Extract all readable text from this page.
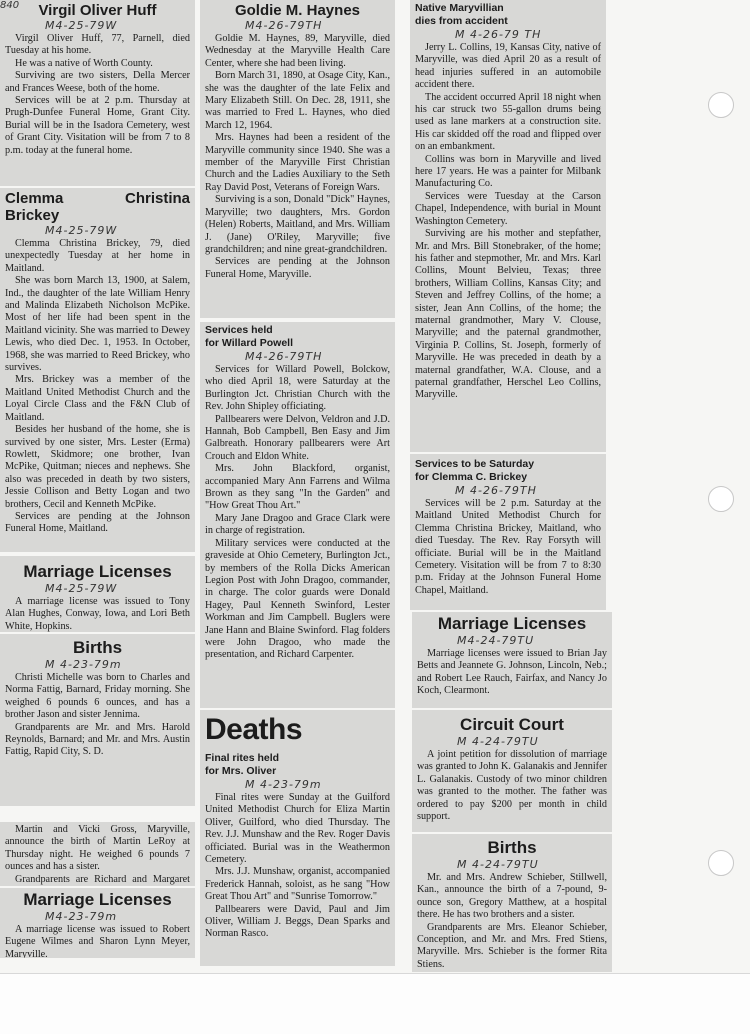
Virgil Oliver Huff
M4-25-79W

Virgil Oliver Huff, 77, Parnell, died Tuesday at his home.

He was a native of Worth County.

Surviving are two sisters, Della Mercer and Frances Weese, both of the home.

Services will be at 2 p.m. Thursday at Prugh-Dunfee Funeral Home, Grant City. Burial will be in the Isadora Cemetery, west of Grant City. Visitation will be from 7 to 8 p.m. today at the funeral home.

840
Clemma Christina Brickey
M4-25-79W

Clemma Christina Brickey, 79, died unexpectedly Tuesday at her home in Maitland.

She was born March 13, 1900, at Salem, Ind., the daughter of the late William Henry and Malinda Elizabeth Nicholson McPike. Most of her life had been spent in the Maitland vicinity. She was married to Dewey Lewis, who died Dec. 1, 1953. In October, 1968, she was married to Reed Brickey, who survives.

Mrs. Brickey was a member of the Maitland United Methodist Church and the Loyal Circle Class and the F&N Club of Maitland.

Besides her husband of the home, she is survived by one sister, Mrs. Lester (Erma) Rowlett, Skidmore; one brother, Ivan McPike, Quitman; nieces and nephews. She also was preceded in death by two sisters, Jessie Collison and Betty Logan and two brothers, Cecil and Kenneth McPike.

Services are pending at the Johnson Funeral Home, Maitland.

Marriage Licenses
M4-25-79W

A marriage license was issued to Tony Alan Hughes, Conway, Iowa, and Lori Beth White, Hopkins.

Births
M 4-23-79m

Christi Michelle was born to Charles and Norma Fattig, Barnard, Friday morning. She weighed 6 pounds 6 ounces, and has a brother Jason and sister Jennima.

Grandparents are Mr. and Mrs. Harold Reynolds, Barnard; and Mr. and Mrs. Austin Fattig, Rapid City, S. D.

Martin and Vicki Gross, Maryville, announce the birth of Martin LeRoy at Thursday night. He weighed 6 pounds 7 ounces and has a sister.

Grandparents are Richard and Margaret

Marriage Licenses
M4-23-79m

A marriage license was issued to Robert Eugene Wilmes and Sharon Lynn Meyer, Maryville.

Goldie M. Haynes
M4-26-79TH

Goldie M. Haynes, 89, Maryville, died Wednesday at the Maryville Health Care Center, where she had been living.

Born March 31, 1890, at Osage City, Kan., she was the daughter of the late Felix and Mary Elizabeth Still. On Dec. 28, 1911, she was married to Fred L. Haynes, who died March 12, 1964.

Mrs. Haynes had been a resident of the Maryville community since 1940. She was a member of the Maryville First Christian Church and the Ladies Auxiliary to the Seth Ray David Post, Veterans of Foreign Wars.

Surviving is a son, Donald "Dick" Haynes, Maryville; two daughters, Mrs. Gordon (Helen) Roberts, Maitland, and Mrs. William J. (Jane) O'Riley, Maryville; five grandchildren; and nine great-grandchildren.

Services are pending at the Johnson Funeral Home, Maryville.

Services held
for Willard Powell
M4-26-79TH

Services for Willard Powell, Bolckow, who died April 18, were Saturday at the Burlington Jct. Christian Church with the Rev. John Shipley officiating.

Pallbearers were Delvon, Veldron and J.D. Hannah, Bob Campbell, Ben Easy and Jim Galbreath. Honorary pallbearers were Art Crouch and Eldon White.

Mrs. John Blackford, organist, accompanied Mary Ann Farrens and Wilma Brown as they sang "In the Garden" and "How Great Thou Art."

Mary Jane Dragoo and Grace Clark were in charge of registration.

Military services were conducted at the graveside at Ohio Cemetery, Burlington Jct., by members of the Rolla Dicks American Legion Post with John Dragoo, commander, in charge. The color guards were Donald Hagey, Paul Kenneth Swinford, Lester Workman and Jim Campbell. Buglers were Jane Hann and Blaine Swinford. Flag folders were John Dragoo, who made the presentation, and Richard Carpenter.

Deaths
Final rites held
for Mrs. Oliver
M 4-23-79m

Final rites were Sunday at the Guilford United Methodist Church for Eliza Martin Oliver, Guilford, who died Thursday. The Rev. J.J. Munshaw and the Rev. Roger Davis officiated. Burial was in the Weathermon Cemetery.

Mrs. J.J. Munshaw, organist, accompanied Frederick Hannah, soloist, as he sang "How Great Thou Art" and "Sunrise Tomorrow."

Pallbearers were David, Paul and Jim Oliver, William J. Beggs, Dean Sparks and Norman Rasco.

Native Maryvillian
dies from accident
M 4-26-79 TH

Jerry L. Collins, 19, Kansas City, native of Maryville, was died April 20 as a result of head injuries suffered in an automobile accident there.

The accident occurred April 18 night when his car struck two 55-gallon drums being used as lane markers at a construction site. His car skidded off the road and flipped over on an embankment.

Collins was born in Maryville and lived here 17 years. He was a painter for Milbank Manufacturing Co.

Services were Tuesday at the Carson Chapel, Independence, with burial in Mount Washington Cemetery.

Surviving are his mother and stepfather, Mr. and Mrs. Bill Stonebraker, of the home; his father and stepmother, Mr. and Mrs. Karl Collins, Mount Belvieu, Texas; three brothers, William Collins, Kansas City; and Steven and Jeffrey Collins, of the home; a sister, Jean Ann Collins, of the home; the maternal grandmother, Mary V. Clouse, Maryville; and the paternal grandmother, Virginia P. Collins, St. Joseph, formerly of Maryville. He was preceded in death by a maternal grandfather, W.A. Clouse, and a paternal grandfather, Herschel Leo Collins, Maryville.

Services to be Saturday
for Clemma C. Brickey
M 4-26-79TH

Services will be 2 p.m. Saturday at the Maitland United Methodist Church for Clemma Christina Brickey, Maitland, who died Tuesday. The Rev. Ray Forsyth will officiate. Burial will be in the Maitland Cemetery. Visitation will be from 7 to 8:30 p.m. Friday at the Johnson Funeral Home Chapel, Maitland.

Marriage Licenses
M4-24-79TU

Marriage licenses were issued to Brian Jay Betts and Jeannete G. Johnson, Lincoln, Neb.; and Robert Lee Rauch, Fairfax, and Nancy Jo Koch, Clearmont.

Circuit Court
M 4-24-79TU

A joint petition for dissolution of marriage was granted to John K. Galanakis and Jennifer L. Galanakis. Custody of two minor children was granted to the mother. The father was ordered to pay $200 per month in child support.

Births
M 4-24-79TU

Mr. and Mrs. Andrew Schieber, Stillwell, Kan., announce the birth of a 7-pound, 9-ounce son, Gregory Matthew, at a hospital there. He has two brothers and a sister.

Grandparents are Mrs. Eleanor Schieber, Conception, and Mr. and Mrs. Fred Stiens, Maryville. Mrs. Schieber is the former Rita Stiens.
